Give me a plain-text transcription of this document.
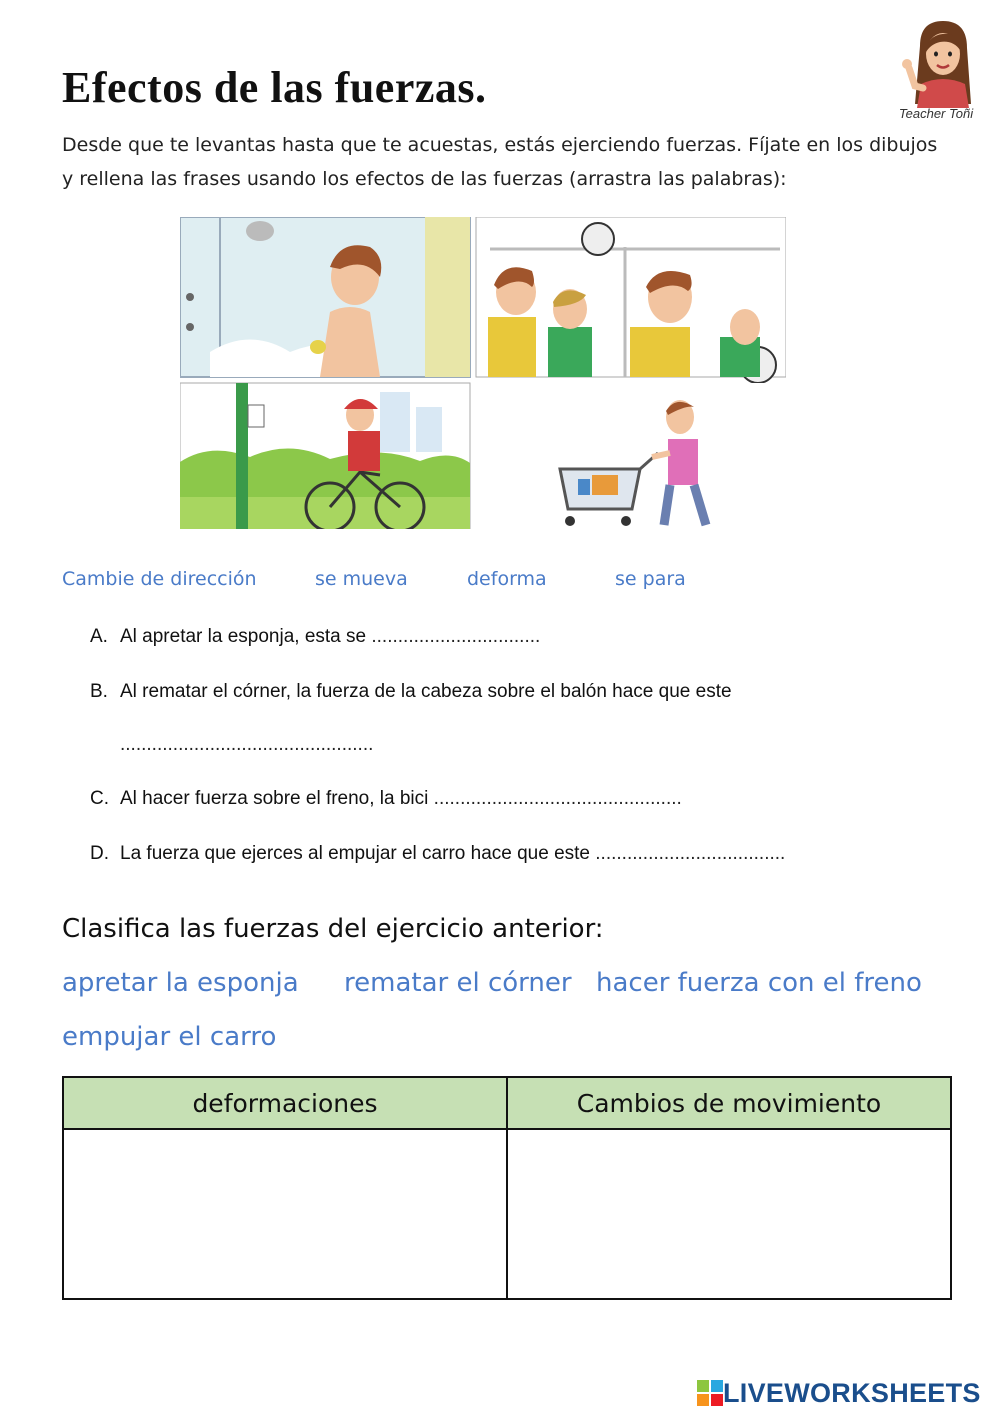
Efectos de las fuerzas.
Teacher Toñi
Desde que te levantas hasta que te acuestas, estás ejerciendo fuerzas. Fíjate en los dibujos y rellena las frases usando los efectos de las fuerzas (arrastra las palabras):
Cambie de dirección	se mueva	deforma	se para
A. Al apretar la esponja, esta se ................................
B. Al rematar el córner, la fuerza de la cabeza sobre el balón hace que este
................................................
C. Al hacer fuerza sobre el freno, la bici ...............................................
D. La fuerza que ejerces al empujar el carro hace que este ....................................
Clasifica las fuerzas del ejercicio anterior:
apretar la esponja rematar el córner hacer fuerza con el freno
empujar el carro
deformaciones	Cambios de movimiento

LIVEWORKSHEETS
